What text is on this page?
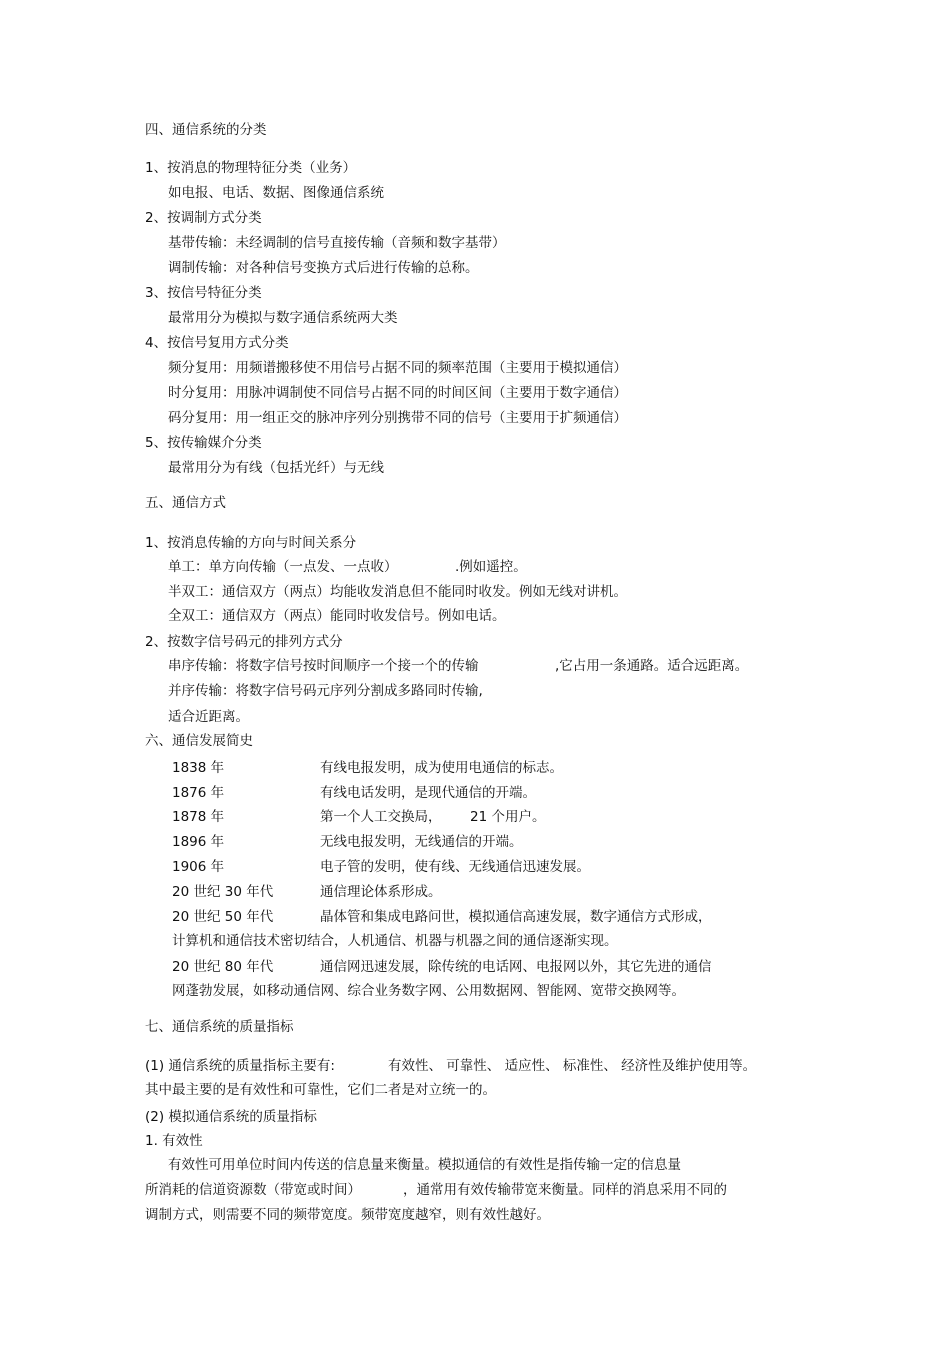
四、通信系统的分类
1、按消息的物理特征分类（业务）
如电报、电话、数据、图像通信系统
2、按调制方式分类
基带传输：未经调制的信号直接传输（音频和数字基带）
调制传输：对各种信号变换方式后进行传输的总称。
3、按信号特征分类
最常用分为模拟与数字通信系统两大类
4、按信号复用方式分类
频分复用：用频谱搬移使不用信号占据不同的频率范围（主要用于模拟通信）
时分复用：用脉冲调制使不同信号占据不同的时间区间（主要用于数字通信）
码分复用：用一组正交的脉冲序列分别携带不同的信号（主要用于扩频通信）
5、按传输媒介分类
最常用分为有线（包括光纤）与无线
五、通信方式
1、按消息传输的方向与时间关系分
单工：单方向传输（一点发、一点收）	.例如遥控。
半双工：通信双方（两点）均能收发消息但不能同时收发。例如无线对讲机。
全双工：通信双方（两点）能同时收发信号。例如电话。
2、按数字信号码元的排列方式分
串序传输：将数字信号按时间顺序一个接一个的传输	,它占用一条通路。适合远距离。
并序传输：将数字信号码元序列分割成多路同时传输,
适合近距离。
六、通信发展简史
1838 年	有线电报发明，成为使用电通信的标志。
1876 年	有线电话发明，是现代通信的开端。
1878 年	第一个人工交换局， 21 个用户。
1896 年	无线电报发明，无线通信的开端。
1906 年	电子管的发明，使有线、无线通信迅速发展。
20 世纪 30 年代	通信理论体系形成。
20 世纪 50 年代	晶体管和集成电路问世，模拟通信高速发展，数字通信方式形成，
计算机和通信技术密切结合，人机通信、机器与机器之间的通信逐渐实现。
20 世纪 80 年代	通信网迅速发展，除传统的电话网、电报网以外，其它先进的通信
网蓬勃发展，如移动通信网、综合业务数字网、公用数据网、智能网、宽带交换网等。
七、通信系统的质量指标
(1) 通信系统的质量指标主要有:	有效性、 可靠性、 适应性、 标准性、 经济性及维护使用等。
其中最主要的是有效性和可靠性，它们二者是对立统一的。
(2) 模拟通信系统的质量指标
1. 有效性
有效性可用单位时间内传送的信息量来衡量。模拟通信的有效性是指传输一定的信息量
所消耗的信道资源数（带宽或时间）	，通常用有效传输带宽来衡量。同样的消息采用不同的
调制方式，则需要不同的频带宽度。频带宽度越窄，则有效性越好。
